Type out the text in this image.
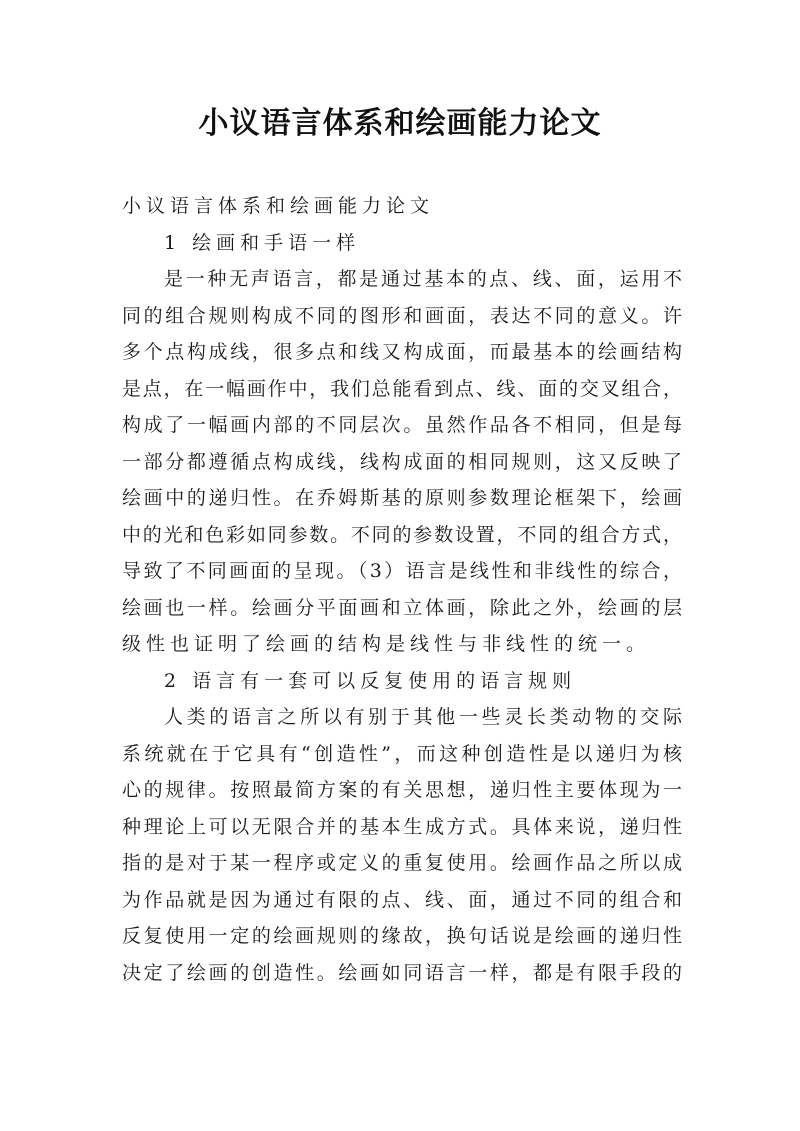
小议语言体系和绘画能力论文
小议语言体系和绘画能力论文
1 绘画和手语一样
是一种无声语言，都是通过基本的点、线、面，运用不
同的组合规则构成不同的图形和画面，表达不同的意义。许
多个点构成线，很多点和线又构成面，而最基本的绘画结构
是点，在一幅画作中，我们总能看到点、线、面的交叉组合，
构成了一幅画内部的不同层次。虽然作品各不相同，但是每
一部分都遵循点构成线，线构成面的相同规则，这又反映了
绘画中的递归性。在乔姆斯基的原则参数理论框架下，绘画
中的光和色彩如同参数。不同的参数设置，不同的组合方式，
导致了不同画面的呈现。（3）语言是线性和非线性的综合，
绘画也一样。绘画分平面画和立体画，除此之外，绘画的层
级性也证明了绘画的结构是线性与非线性的统一。
2 语言有一套可以反复使用的语言规则
人类的语言之所以有别于其他一些灵长类动物的交际
系统就在于它具有“创造性”，而这种创造性是以递归为核
心的规律。按照最简方案的有关思想，递归性主要体现为一
种理论上可以无限合并的基本生成方式。具体来说，递归性
指的是对于某一程序或定义的重复使用。绘画作品之所以成
为作品就是因为通过有限的点、线、面，通过不同的组合和
反复使用一定的绘画规则的缘故，换句话说是绘画的递归性
决定了绘画的创造性。绘画如同语言一样，都是有限手段的
